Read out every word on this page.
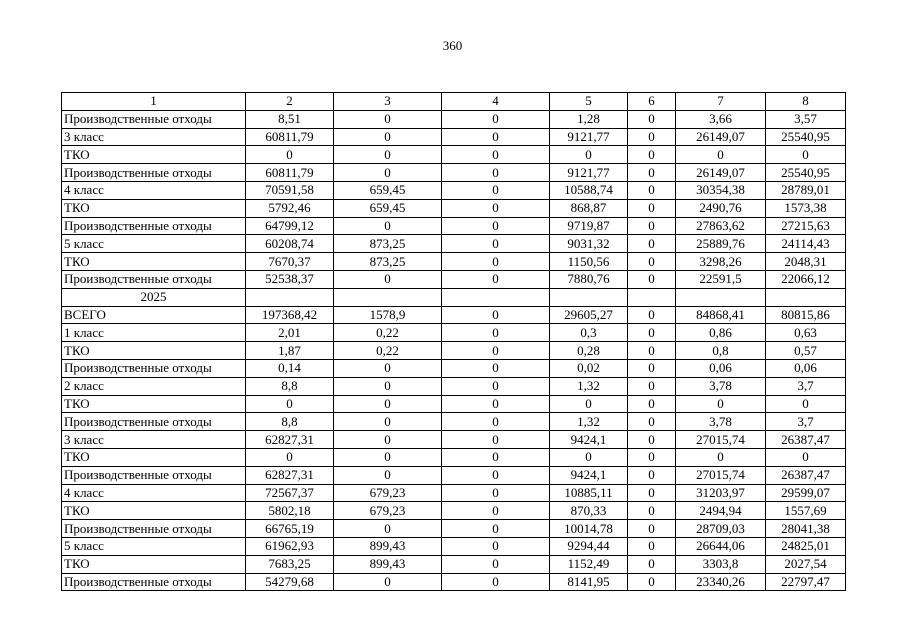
360
1	2	3	4	5	6	7	8
Производственные отходы	8,51	0	0	1,28	0	3,66	3,57
3 класс	60811,79	0	0	9121,77	0	26149,07	25540,95
ТКО	0	0	0	0	0	0	0
Производственные отходы	60811,79	0	0	9121,77	0	26149,07	25540,95
4 класс	70591,58	659,45	0	10588,74	0	30354,38	28789,01
ТКО	5792,46	659,45	0	868,87	0	2490,76	1573,38
Производственные отходы	64799,12	0	0	9719,87	0	27863,62	27215,63
5 класс	60208,74	873,25	0	9031,32	0	25889,76	24114,43
ТКО	7670,37	873,25	0	1150,56	0	3298,26	2048,31
Производственные отходы	52538,37	0	0	7880,76	0	22591,5	22066,12
2025							
ВСЕГО	197368,42	1578,9	0	29605,27	0	84868,41	80815,86
1 класс	2,01	0,22	0	0,3	0	0,86	0,63
ТКО	1,87	0,22	0	0,28	0	0,8	0,57
Производственные отходы	0,14	0	0	0,02	0	0,06	0,06
2 класс	8,8	0	0	1,32	0	3,78	3,7
ТКО	0	0	0	0	0	0	0
Производственные отходы	8,8	0	0	1,32	0	3,78	3,7
3 класс	62827,31	0	0	9424,1	0	27015,74	26387,47
ТКО	0	0	0	0	0	0	0
Производственные отходы	62827,31	0	0	9424,1	0	27015,74	26387,47
4 класс	72567,37	679,23	0	10885,11	0	31203,97	29599,07
ТКО	5802,18	679,23	0	870,33	0	2494,94	1557,69
Производственные отходы	66765,19	0	0	10014,78	0	28709,03	28041,38
5 класс	61962,93	899,43	0	9294,44	0	26644,06	24825,01
ТКО	7683,25	899,43	0	1152,49	0	3303,8	2027,54
Производственные отходы	54279,68	0	0	8141,95	0	23340,26	22797,47
